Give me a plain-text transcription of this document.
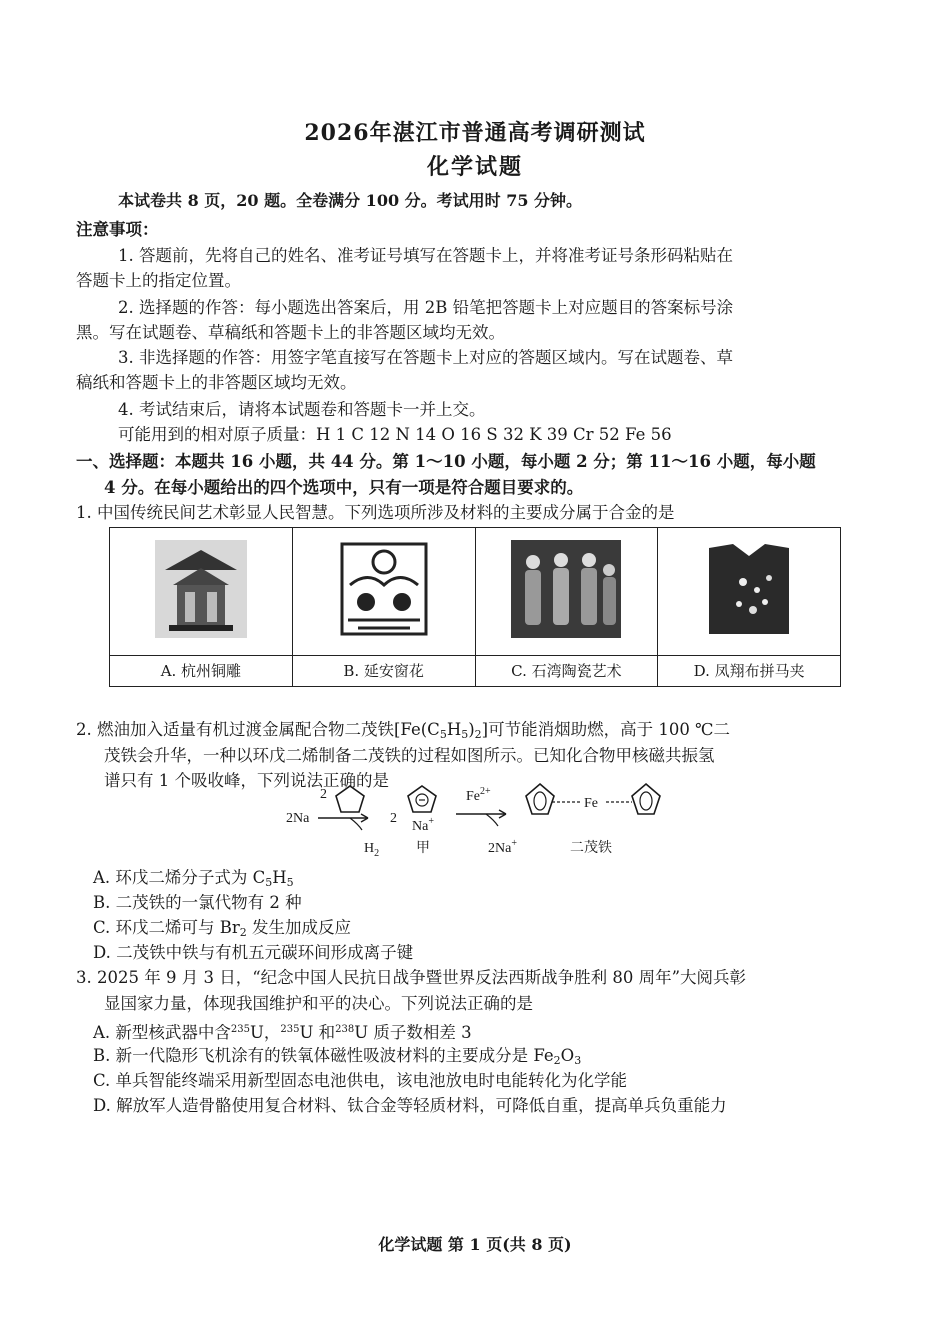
2026年湛江市普通高考调研测试
化学试题
本试卷共 8 页，20 题。全卷满分 100 分。考试用时 75 分钟。
注意事项：
1. 答题前，先将自己的姓名、准考证号填写在答题卡上，并将准考证号条形码粘贴在
答题卡上的指定位置。
2. 选择题的作答：每小题选出答案后，用 2B 铅笔把答题卡上对应题目的答案标号涂
黑。写在试题卷、草稿纸和答题卡上的非答题区域均无效。
3. 非选择题的作答：用签字笔直接写在答题卡上对应的答题区域内。写在试题卷、草
稿纸和答题卡上的非答题区域均无效。
4. 考试结束后，请将本试题卷和答题卡一并上交。
可能用到的相对原子质量：H 1 C 12 N 14 O 16 S 32 K 39 Cr 52 Fe 56
一、选择题：本题共 16 小题，共 44 分。第 1～10 小题，每小题 2 分；第 11～16 小题，每小题
4 分。在每小题给出的四个选项中，只有一项是符合题目要求的。
1. 中国传统民间艺术彰显人民智慧。下列选项所涉及材料的主要成分属于合金的是
A. 杭州铜雕	B. 延安窗花	C. 石湾陶瓷艺术	D. 凤翔布拼马夹
2. 燃油加入适量有机过渡金属配合物二茂铁$[Fe(C_5H_5)_2]$可节能消烟助燃，高于 100 ℃二
茂铁会升华，一种以环戊二烯制备二茂铁的过程如图所示。已知化合物甲核磁共振氢
谱只有 1 个吸收峰，下列说法正确的是
2
2Na
$H_2$
2
Na+
甲
$Fe^{2+}$
2Na+
Fe
二茂铁
A. 环戊二烯分子式为 $C_5H_5$
B. 二茂铁的一氯代物有 2 种
C. 环戊二烯可与 $Br_2$ 发生加成反应
D. 二茂铁中铁与有机五元碳环间形成离子键
3. 2025 年 9 月 3 日，“纪念中国人民抗日战争暨世界反法西斯战争胜利 80 周年”大阅兵彰
显国家力量，体现我国维护和平的决心。下列说法正确的是
A. 新型核武器中含$^{235}$U，$^{235}$U 和$^{238}$U 质子数相差 3
B. 新一代隐形飞机涂有的铁氧体磁性吸波材料的主要成分是 $Fe_2O_3$
C. 单兵智能终端采用新型固态电池供电，该电池放电时电能转化为化学能
D. 解放军人造骨骼使用复合材料、钛合金等轻质材料，可降低自重，提高单兵负重能力
化学试题 第 1 页(共 8 页)
